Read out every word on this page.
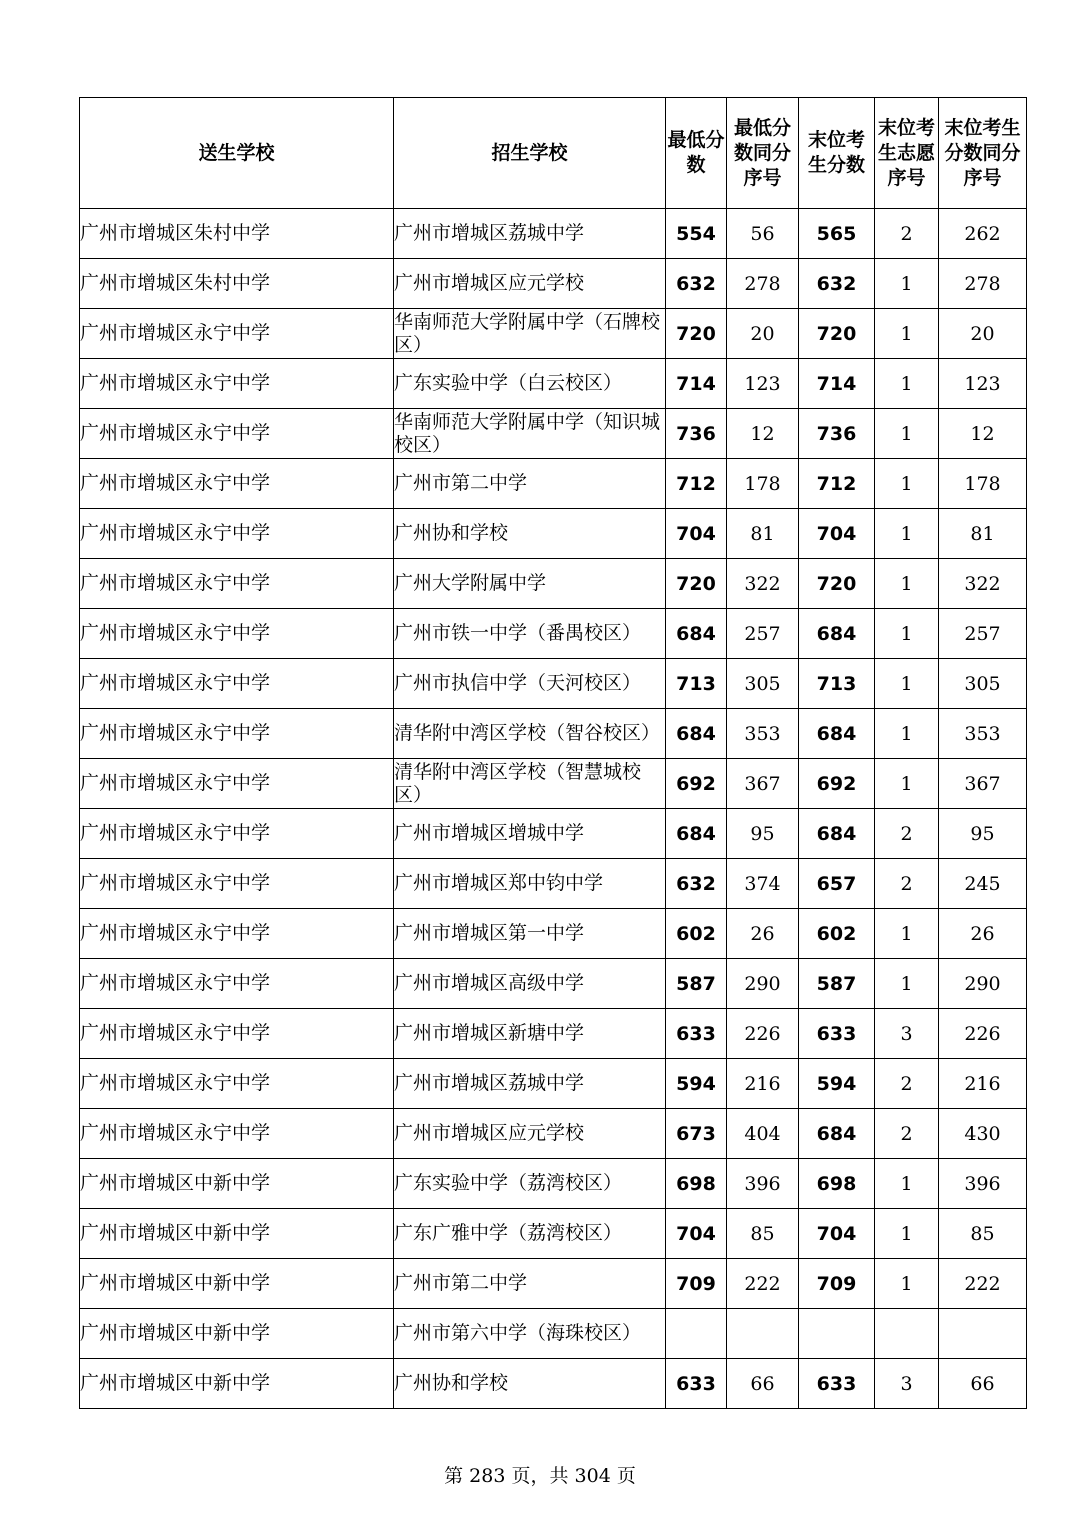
送生学校	招生学校	最低分数	最低分数同分序号	末位考生分数	末位考生志愿序号	末位考生分数同分序号
广州市增城区朱村中学	广州市增城区荔城中学	554	56	565	2	262
广州市增城区朱村中学	广州市增城区应元学校	632	278	632	1	278
广州市增城区永宁中学	华南师范大学附属中学（石牌校区）	720	20	720	1	20
广州市增城区永宁中学	广东实验中学（白云校区）	714	123	714	1	123
广州市增城区永宁中学	华南师范大学附属中学（知识城校区）	736	12	736	1	12
广州市增城区永宁中学	广州市第二中学	712	178	712	1	178
广州市增城区永宁中学	广州协和学校	704	81	704	1	81
广州市增城区永宁中学	广州大学附属中学	720	322	720	1	322
广州市增城区永宁中学	广州市铁一中学（番禺校区）	684	257	684	1	257
广州市增城区永宁中学	广州市执信中学（天河校区）	713	305	713	1	305
广州市增城区永宁中学	清华附中湾区学校（智谷校区）	684	353	684	1	353
广州市增城区永宁中学	清华附中湾区学校（智慧城校区）	692	367	692	1	367
广州市增城区永宁中学	广州市增城区增城中学	684	95	684	2	95
广州市增城区永宁中学	广州市增城区郑中钧中学	632	374	657	2	245
广州市增城区永宁中学	广州市增城区第一中学	602	26	602	1	26
广州市增城区永宁中学	广州市增城区高级中学	587	290	587	1	290
广州市增城区永宁中学	广州市增城区新塘中学	633	226	633	3	226
广州市增城区永宁中学	广州市增城区荔城中学	594	216	594	2	216
广州市增城区永宁中学	广州市增城区应元学校	673	404	684	2	430
广州市增城区中新中学	广东实验中学（荔湾校区）	698	396	698	1	396
广州市增城区中新中学	广东广雅中学（荔湾校区）	704	85	704	1	85
广州市增城区中新中学	广州市第二中学	709	222	709	1	222
广州市增城区中新中学	广州市第六中学（海珠校区）					
广州市增城区中新中学	广州协和学校	633	66	633	3	66
第 283 页，共 304 页
